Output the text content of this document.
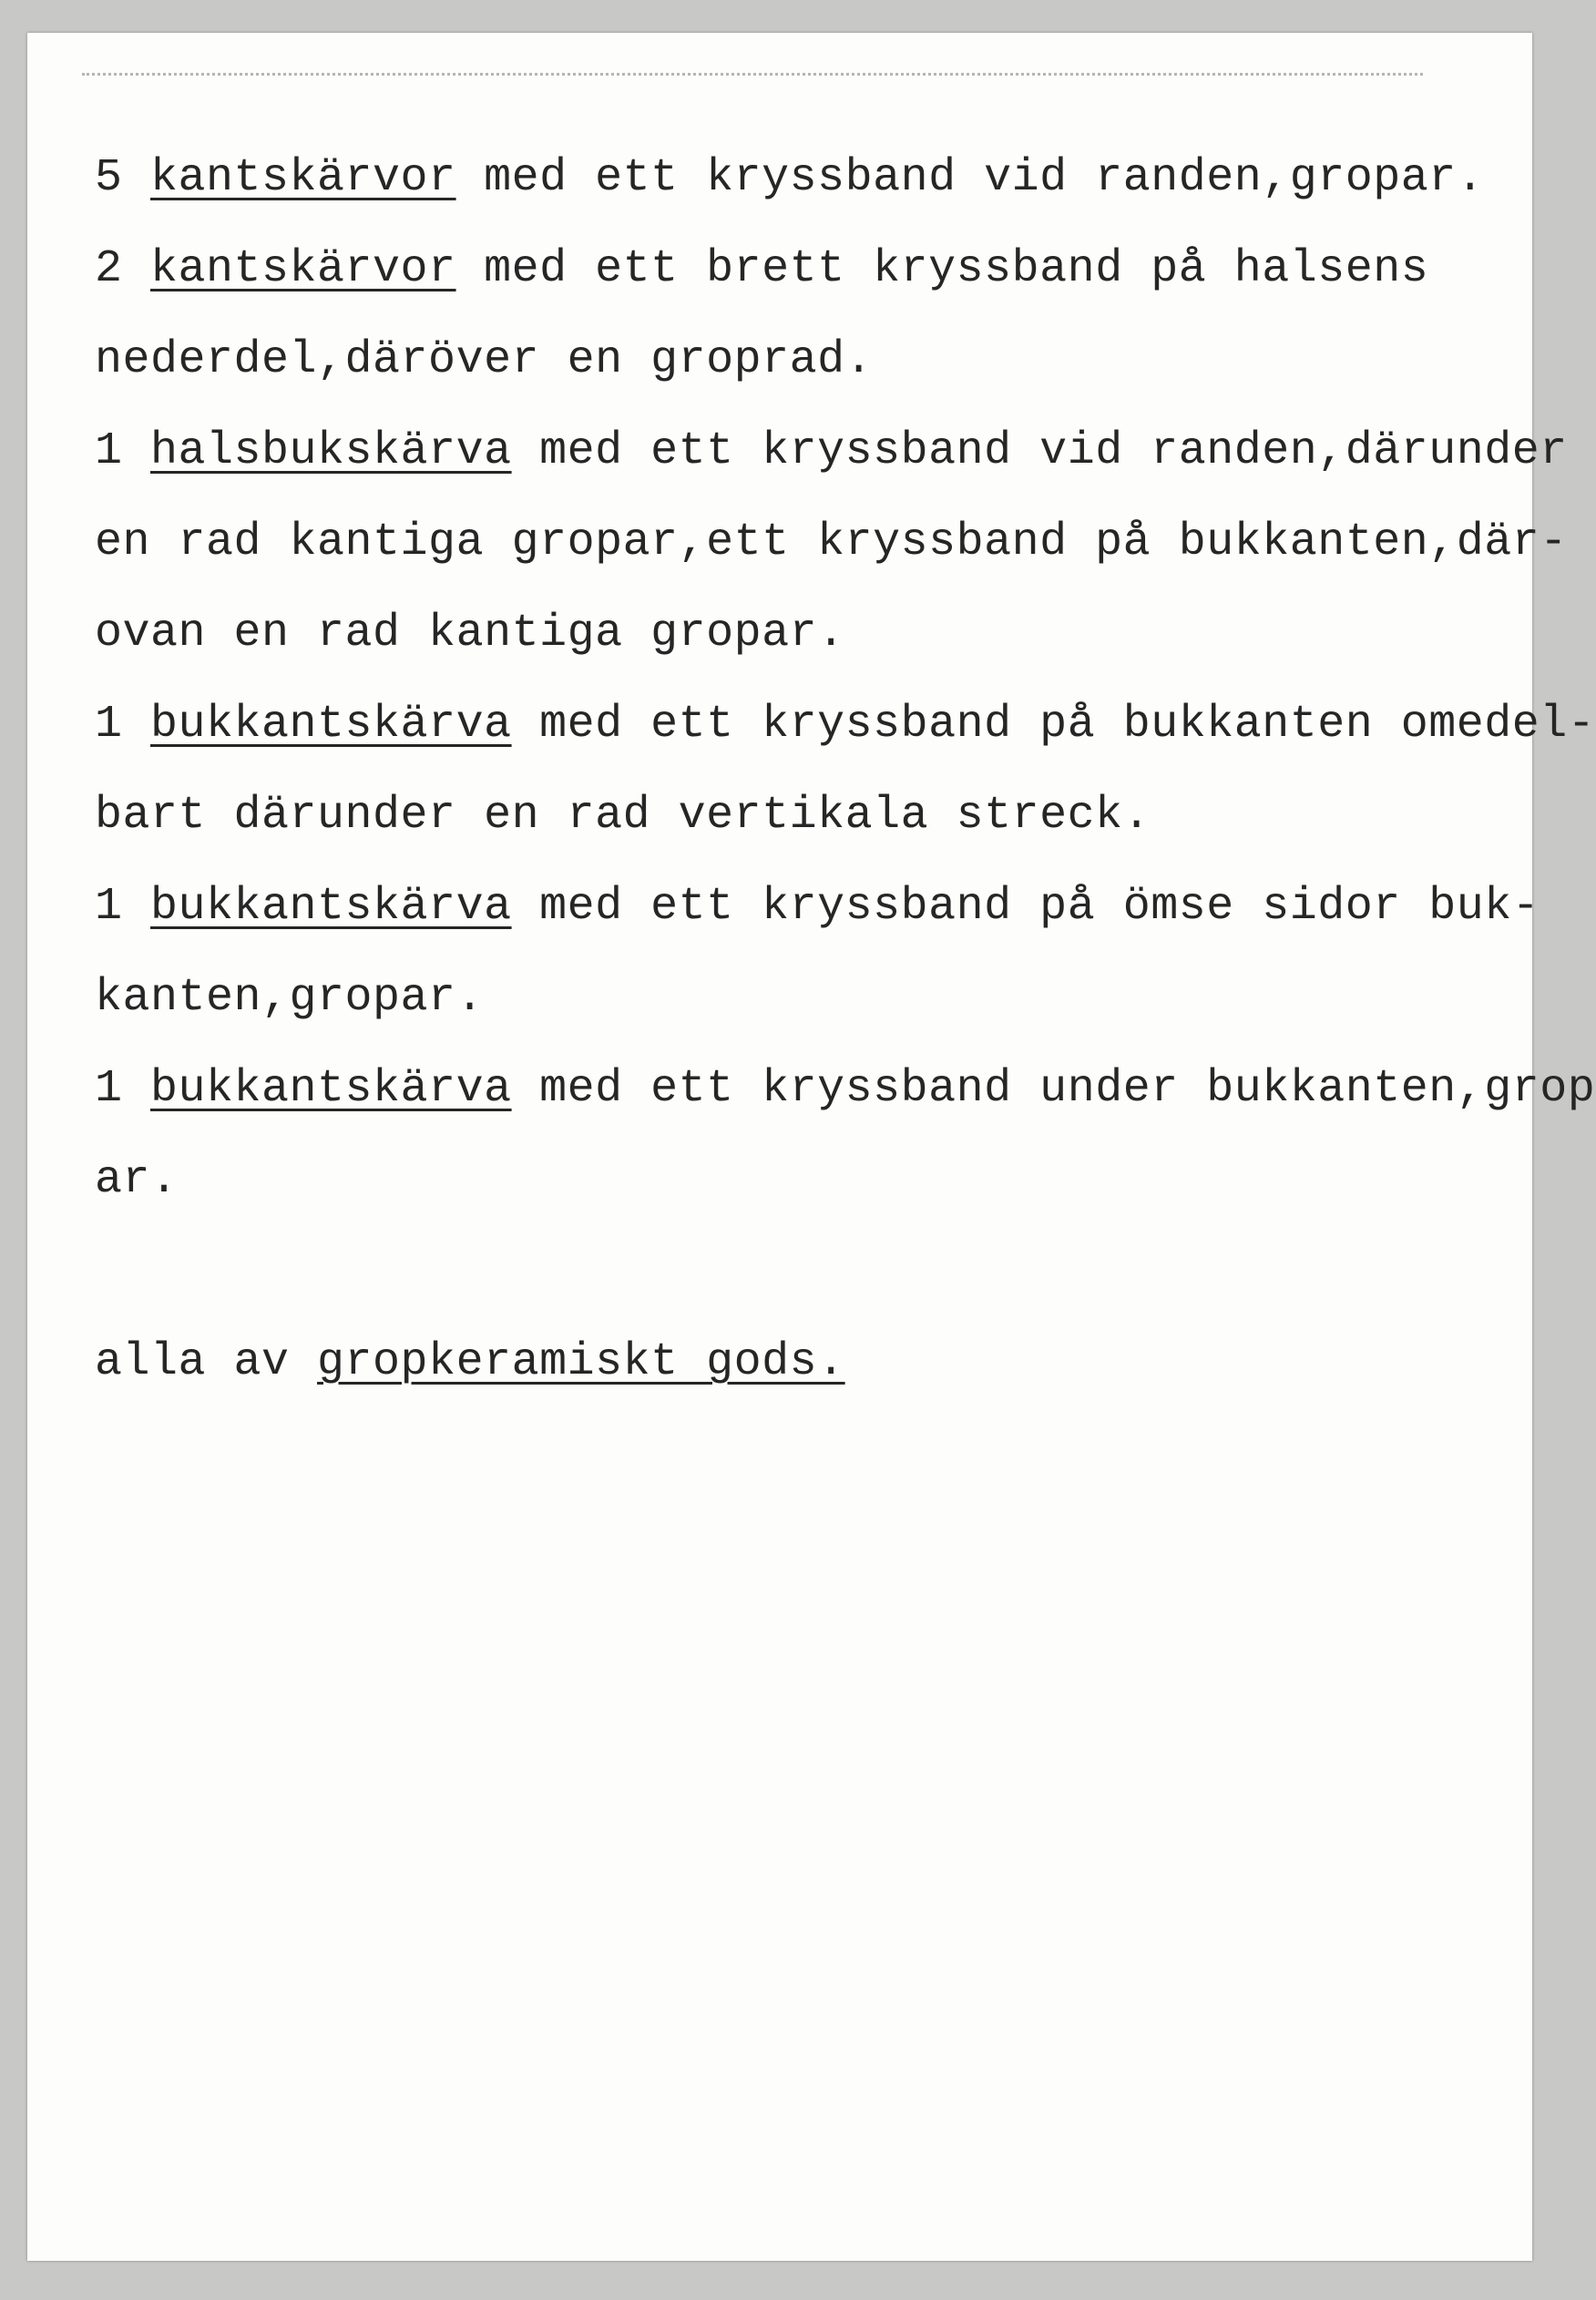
5 kantskärvor med ett kryssband vid randen,gropar.
2 kantskärvor med ett brett kryssband på halsens
nederdel,däröver en groprad.
1 halsbukskärva med ett kryssband vid randen,därunder
en rad kantiga gropar,ett kryssband på bukkanten,där-
ovan en rad kantiga gropar.
1 bukkantskärva med ett kryssband på bukkanten omedel-
bart därunder en rad vertikala streck.
1 bukkantskärva med ett kryssband på ömse sidor buk-
kanten,gropar.
1 bukkantskärva med ett kryssband under bukkanten,grop
ar.
alla av gropkeramiskt gods.
